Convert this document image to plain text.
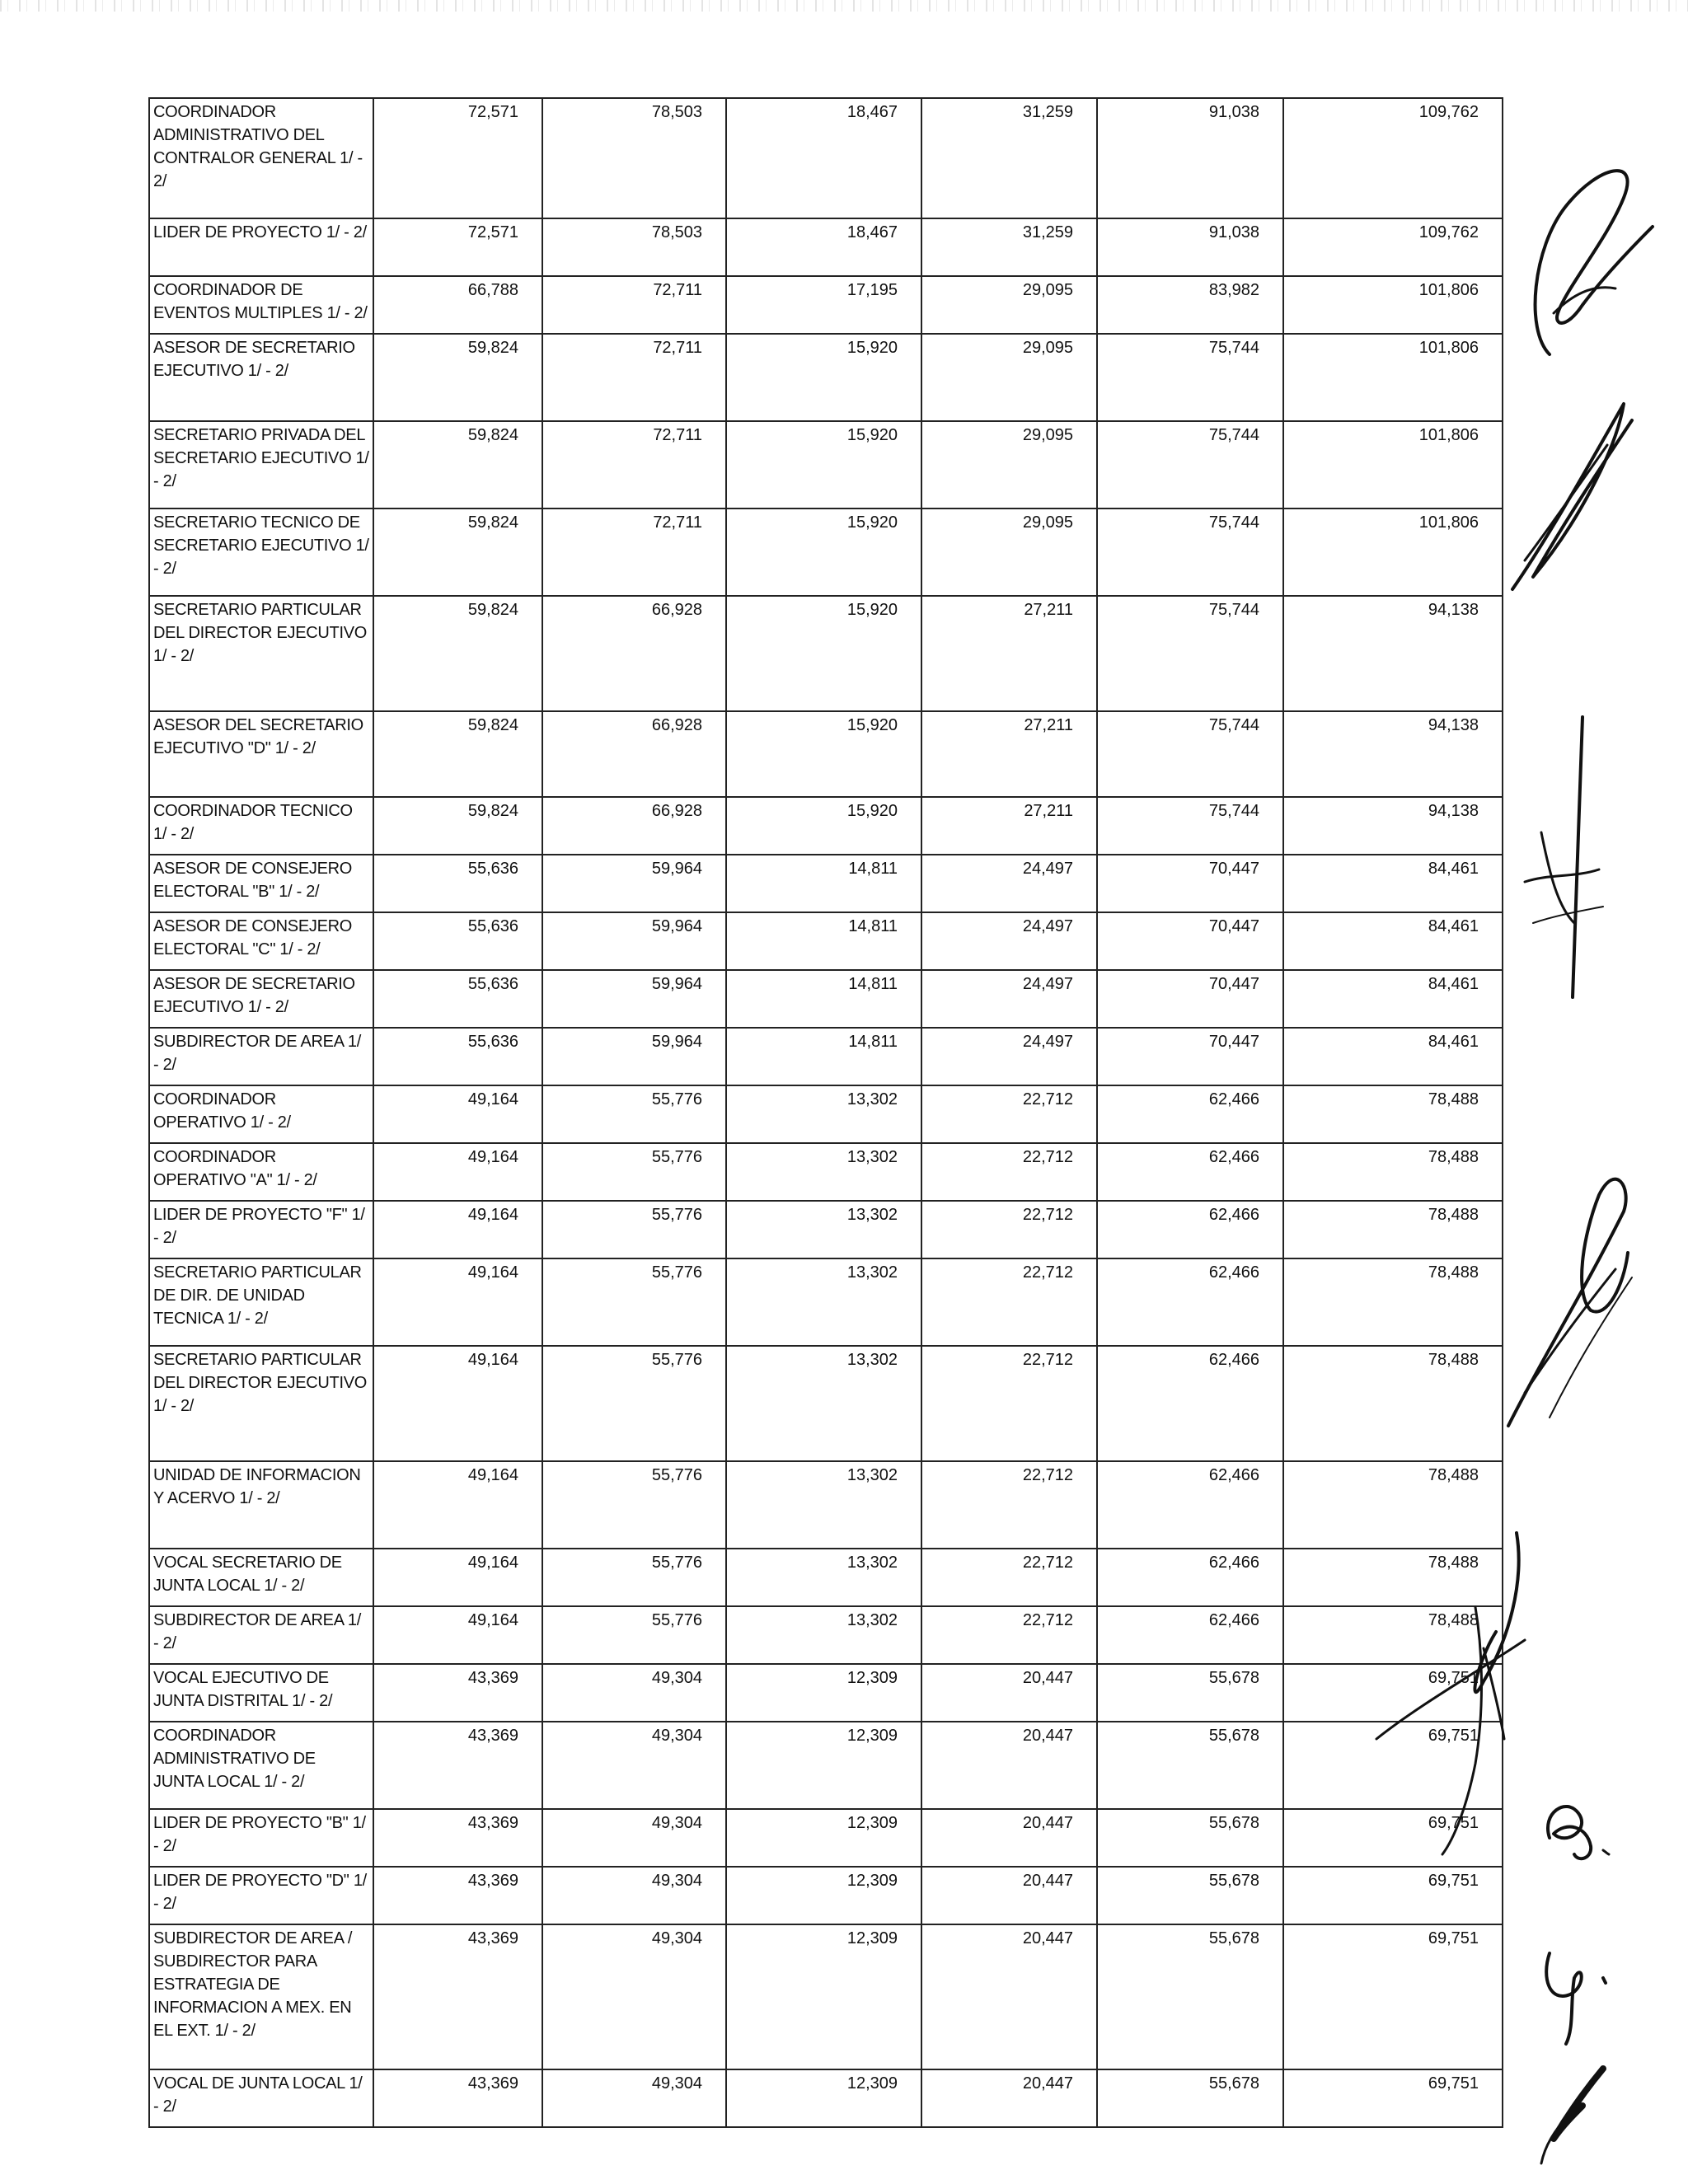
COORDINADOR ADMINISTRATIVO DEL CONTRALOR GENERAL 1/ - 2/	72,571	78,503	18,467	31,259	91,038	109,762
LIDER DE PROYECTO 1/ - 2/	72,571	78,503	18,467	31,259	91,038	109,762
COORDINADOR DE EVENTOS MULTIPLES 1/ - 2/	66,788	72,711	17,195	29,095	83,982	101,806
ASESOR DE SECRETARIO EJECUTIVO 1/ - 2/	59,824	72,711	15,920	29,095	75,744	101,806
SECRETARIO PRIVADA DEL SECRETARIO EJECUTIVO 1/ - 2/	59,824	72,711	15,920	29,095	75,744	101,806
SECRETARIO TECNICO DE SECRETARIO EJECUTIVO 1/ - 2/	59,824	72,711	15,920	29,095	75,744	101,806
SECRETARIO PARTICULAR DEL DIRECTOR EJECUTIVO 1/ - 2/	59,824	66,928	15,920	27,211	75,744	94,138
ASESOR DEL SECRETARIO EJECUTIVO "D" 1/ - 2/	59,824	66,928	15,920	27,211	75,744	94,138
COORDINADOR TECNICO 1/ - 2/	59,824	66,928	15,920	27,211	75,744	94,138
ASESOR DE CONSEJERO ELECTORAL "B" 1/ - 2/	55,636	59,964	14,811	24,497	70,447	84,461
ASESOR DE CONSEJERO ELECTORAL "C" 1/ - 2/	55,636	59,964	14,811	24,497	70,447	84,461
ASESOR DE SECRETARIO EJECUTIVO 1/ - 2/	55,636	59,964	14,811	24,497	70,447	84,461
SUBDIRECTOR DE AREA 1/ - 2/	55,636	59,964	14,811	24,497	70,447	84,461
COORDINADOR OPERATIVO 1/ - 2/	49,164	55,776	13,302	22,712	62,466	78,488
COORDINADOR OPERATIVO "A" 1/ - 2/	49,164	55,776	13,302	22,712	62,466	78,488
LIDER DE PROYECTO "F" 1/ - 2/	49,164	55,776	13,302	22,712	62,466	78,488
SECRETARIO PARTICULAR DE DIR. DE UNIDAD TECNICA 1/ - 2/	49,164	55,776	13,302	22,712	62,466	78,488
SECRETARIO PARTICULAR DEL DIRECTOR EJECUTIVO 1/ - 2/	49,164	55,776	13,302	22,712	62,466	78,488
UNIDAD DE INFORMACION Y ACERVO 1/ - 2/	49,164	55,776	13,302	22,712	62,466	78,488
VOCAL SECRETARIO DE JUNTA LOCAL 1/ - 2/	49,164	55,776	13,302	22,712	62,466	78,488
SUBDIRECTOR DE AREA 1/ - 2/	49,164	55,776	13,302	22,712	62,466	78,488
VOCAL EJECUTIVO DE JUNTA DISTRITAL 1/ - 2/	43,369	49,304	12,309	20,447	55,678	69,751
COORDINADOR ADMINISTRATIVO DE JUNTA LOCAL 1/ - 2/	43,369	49,304	12,309	20,447	55,678	69,751
LIDER DE PROYECTO "B" 1/ - 2/	43,369	49,304	12,309	20,447	55,678	69,751
LIDER DE PROYECTO "D" 1/ - 2/	43,369	49,304	12,309	20,447	55,678	69,751
SUBDIRECTOR DE AREA / SUBDIRECTOR PARA ESTRATEGIA DE INFORMACION A MEX. EN EL EXT. 1/ - 2/	43,369	49,304	12,309	20,447	55,678	69,751
VOCAL DE JUNTA LOCAL 1/ - 2/	43,369	49,304	12,309	20,447	55,678	69,751
